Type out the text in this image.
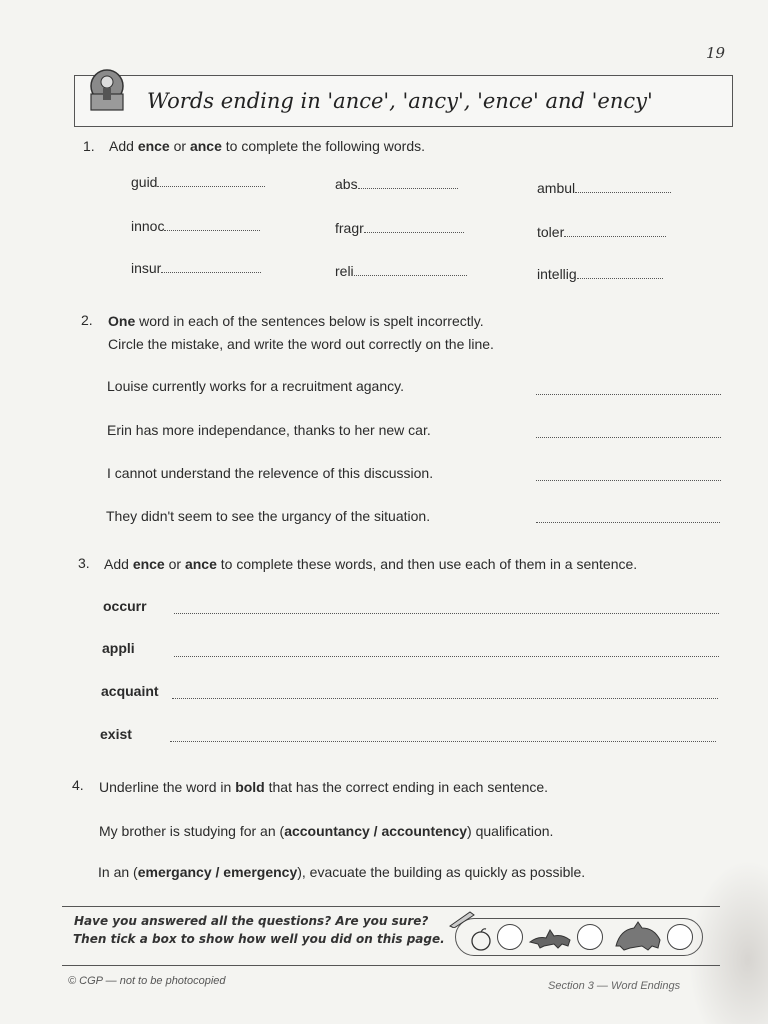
19
Words ending in 'ance', 'ancy', 'ence' and 'ency'
1. Add ence or ance to complete the following words.
guid	abs	ambul
innoc	fragr	toler
insur	reli	intellig
2. One word in each of the sentences below is spelt incorrectly.
Circle the mistake, and write the word out correctly on the line.
Louise currently works for a recruitment agancy.
Erin has more independance, thanks to her new car.
I cannot understand the relevence of this discussion.
They didn't seem to see the urgancy of the situation.
3. Add ence or ance to complete these words, and then use each of them in a sentence.
occurr
appli
acquaint
exist
4. Underline the word in bold that has the correct ending in each sentence.
My brother is studying for an (accountancy / accountency) qualification.
In an (emergancy / emergency), evacuate the building as quickly as possible.
Have you answered all the questions? Are you sure?
Then tick a box to show how well you did on this page.
© CGP — not to be photocopied	Section 3 — Word Endings
